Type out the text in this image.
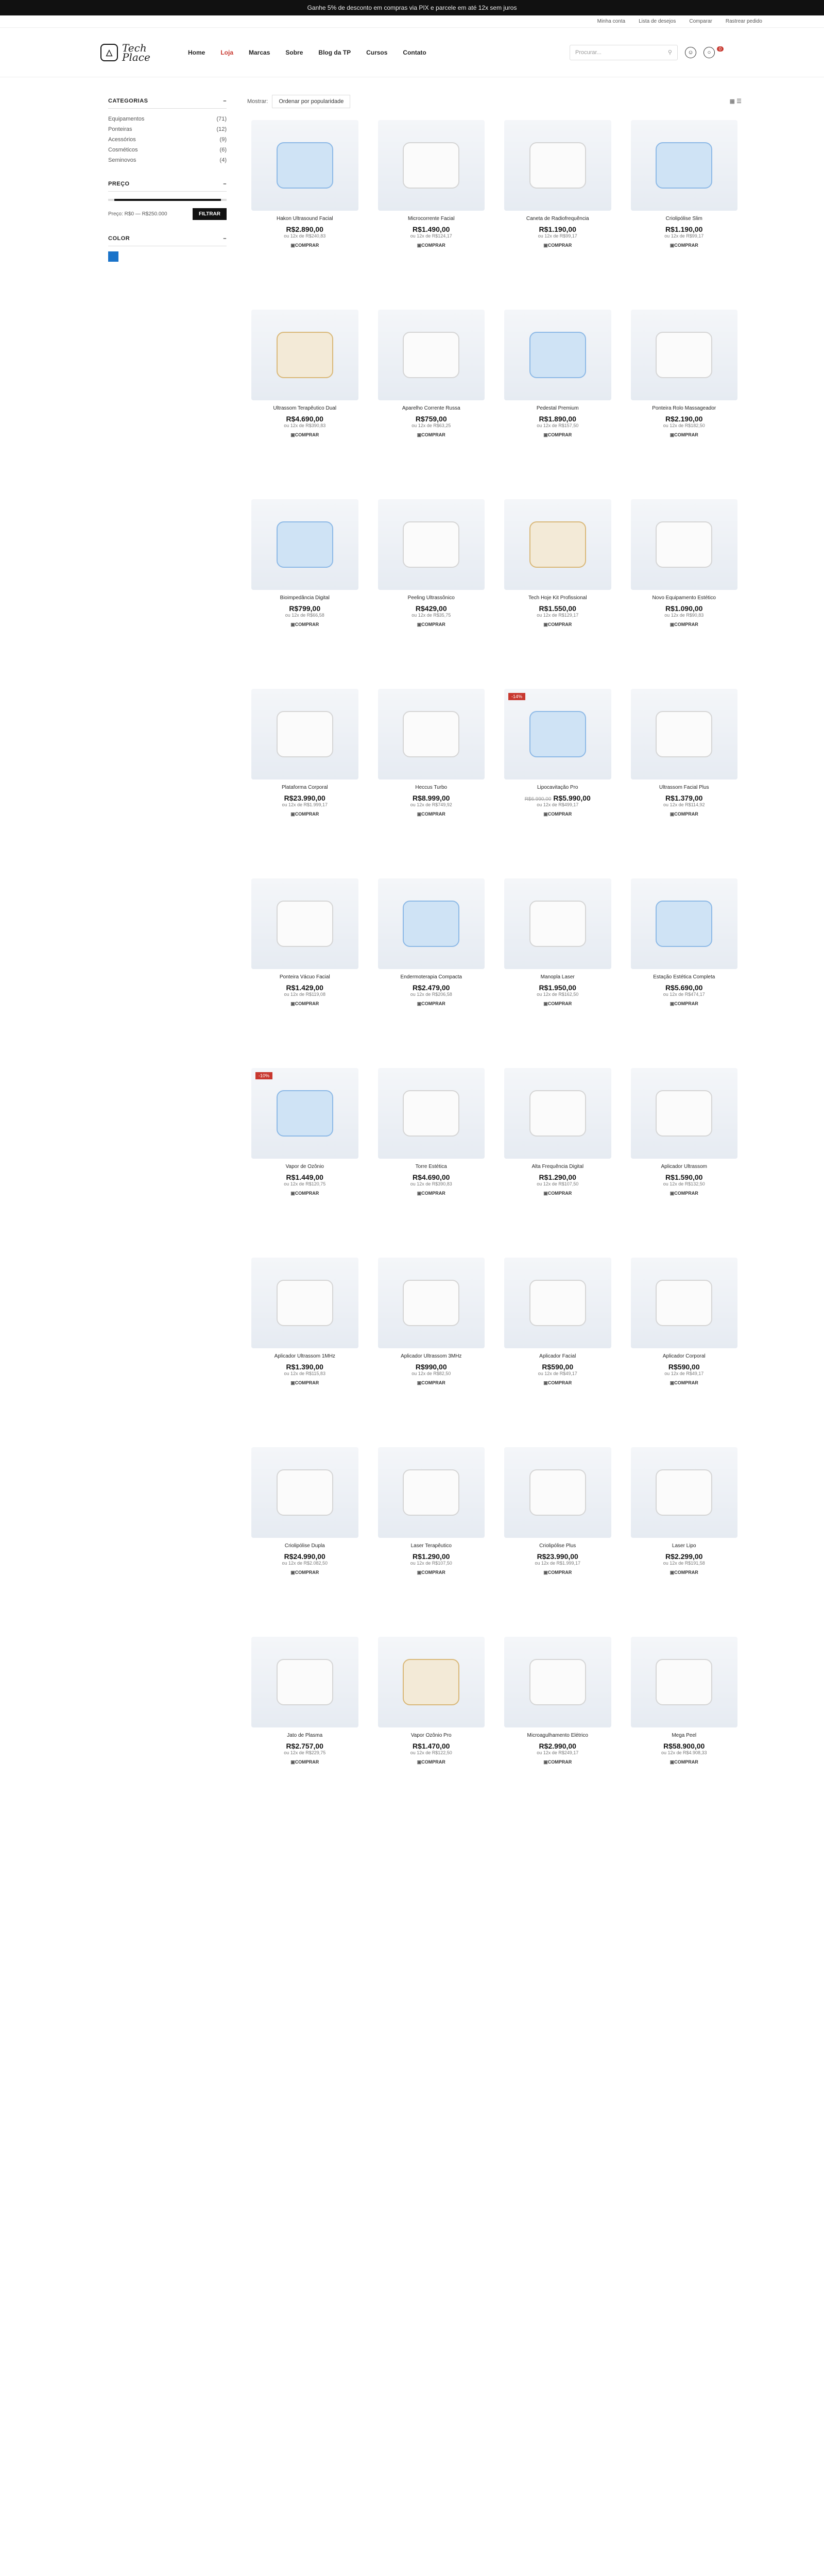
Ganhe 5% de desconto em compras via PIX e parcele em até 12x sem juros
Minha conta	Lista de desejos	Comparar	Rastrear pedido
△ Tech
Place	Home	Loja	Marcas	Sobre	Blog da TP	Cursos	Contato	Procurar...	⚲	☺	○
0
CATEGORIAS	–
Equipamentos	(71)
Ponteiras	(12)
Acessórios	(9)
Cosméticos	(6)
Seminovos	(4)
PREÇO	–
Preço: R$0 — R$250.000	FILTRAR
COLOR	–
Mostrar: Ordenar por popularidade	▦ ☰
Hakon Ultrasound Facial
R$2.890,00
ou 12x de R$240,83
▣ COMPRAR
Microcorrente Facial
R$1.490,00
ou 12x de R$124,17
▣ COMPRAR
Caneta de Radiofrequência
R$1.190,00
ou 12x de R$99,17
▣ COMPRAR
Criolipólise Slim
R$1.190,00
ou 12x de R$99,17
▣ COMPRAR
Ultrassom Terapêutico Dual
R$4.690,00
ou 12x de R$390,83
▣ COMPRAR
Aparelho Corrente Russa
R$759,00
ou 12x de R$63,25
▣ COMPRAR
Pedestal Premium
R$1.890,00
ou 12x de R$157,50
▣ COMPRAR
Ponteira Rolo Massageador
R$2.190,00
ou 12x de R$182,50
▣ COMPRAR
Bioimpedância Digital
R$799,00
ou 12x de R$66,58
▣ COMPRAR
Peeling Ultrassônico
R$429,00
ou 12x de R$35,75
▣ COMPRAR
Tech Hoje Kit Profissional
R$1.550,00
ou 12x de R$129,17
▣ COMPRAR
Novo Equipamento Estético
R$1.090,00
ou 12x de R$90,83
▣ COMPRAR
Plataforma Corporal
R$23.990,00
ou 12x de R$1.999,17
▣ COMPRAR
Heccus Turbo
R$8.999,00
ou 12x de R$749,92
▣ COMPRAR
-14%
Lipocavitação Pro
R$6.990,00 R$5.990,00
ou 12x de R$499,17
▣ COMPRAR
Ultrassom Facial Plus
R$1.379,00
ou 12x de R$114,92
▣ COMPRAR
Ponteira Vácuo Facial
R$1.429,00
ou 12x de R$119,08
▣ COMPRAR
Endermoterapia Compacta
R$2.479,00
ou 12x de R$206,58
▣ COMPRAR
Manopla Laser
R$1.950,00
ou 12x de R$162,50
▣ COMPRAR
Estação Estética Completa
R$5.690,00
ou 12x de R$474,17
▣ COMPRAR
-10%
Vapor de Ozônio
R$1.449,00
ou 12x de R$120,75
▣ COMPRAR
Torre Estética
R$4.690,00
ou 12x de R$390,83
▣ COMPRAR
Alta Frequência Digital
R$1.290,00
ou 12x de R$107,50
▣ COMPRAR
Aplicador Ultrassom
R$1.590,00
ou 12x de R$132,50
▣ COMPRAR
Aplicador Ultrassom 1MHz
R$1.390,00
ou 12x de R$115,83
▣ COMPRAR
Aplicador Ultrassom 3MHz
R$990,00
ou 12x de R$82,50
▣ COMPRAR
Aplicador Facial
R$590,00
ou 12x de R$49,17
▣ COMPRAR
Aplicador Corporal
R$590,00
ou 12x de R$49,17
▣ COMPRAR
Criolipólise Dupla
R$24.990,00
ou 12x de R$2.082,50
▣ COMPRAR
Laser Terapêutico
R$1.290,00
ou 12x de R$107,50
▣ COMPRAR
Criolipólise Plus
R$23.990,00
ou 12x de R$1.999,17
▣ COMPRAR
Laser Lipo
R$2.299,00
ou 12x de R$191,58
▣ COMPRAR
Jato de Plasma
R$2.757,00
ou 12x de R$229,75
▣ COMPRAR
Vapor Ozônio Pro
R$1.470,00
ou 12x de R$122,50
▣ COMPRAR
Microagulhamento Elétrico
R$2.990,00
ou 12x de R$249,17
▣ COMPRAR
Mega Peel
R$58.900,00
ou 12x de R$4.908,33
▣ COMPRAR
